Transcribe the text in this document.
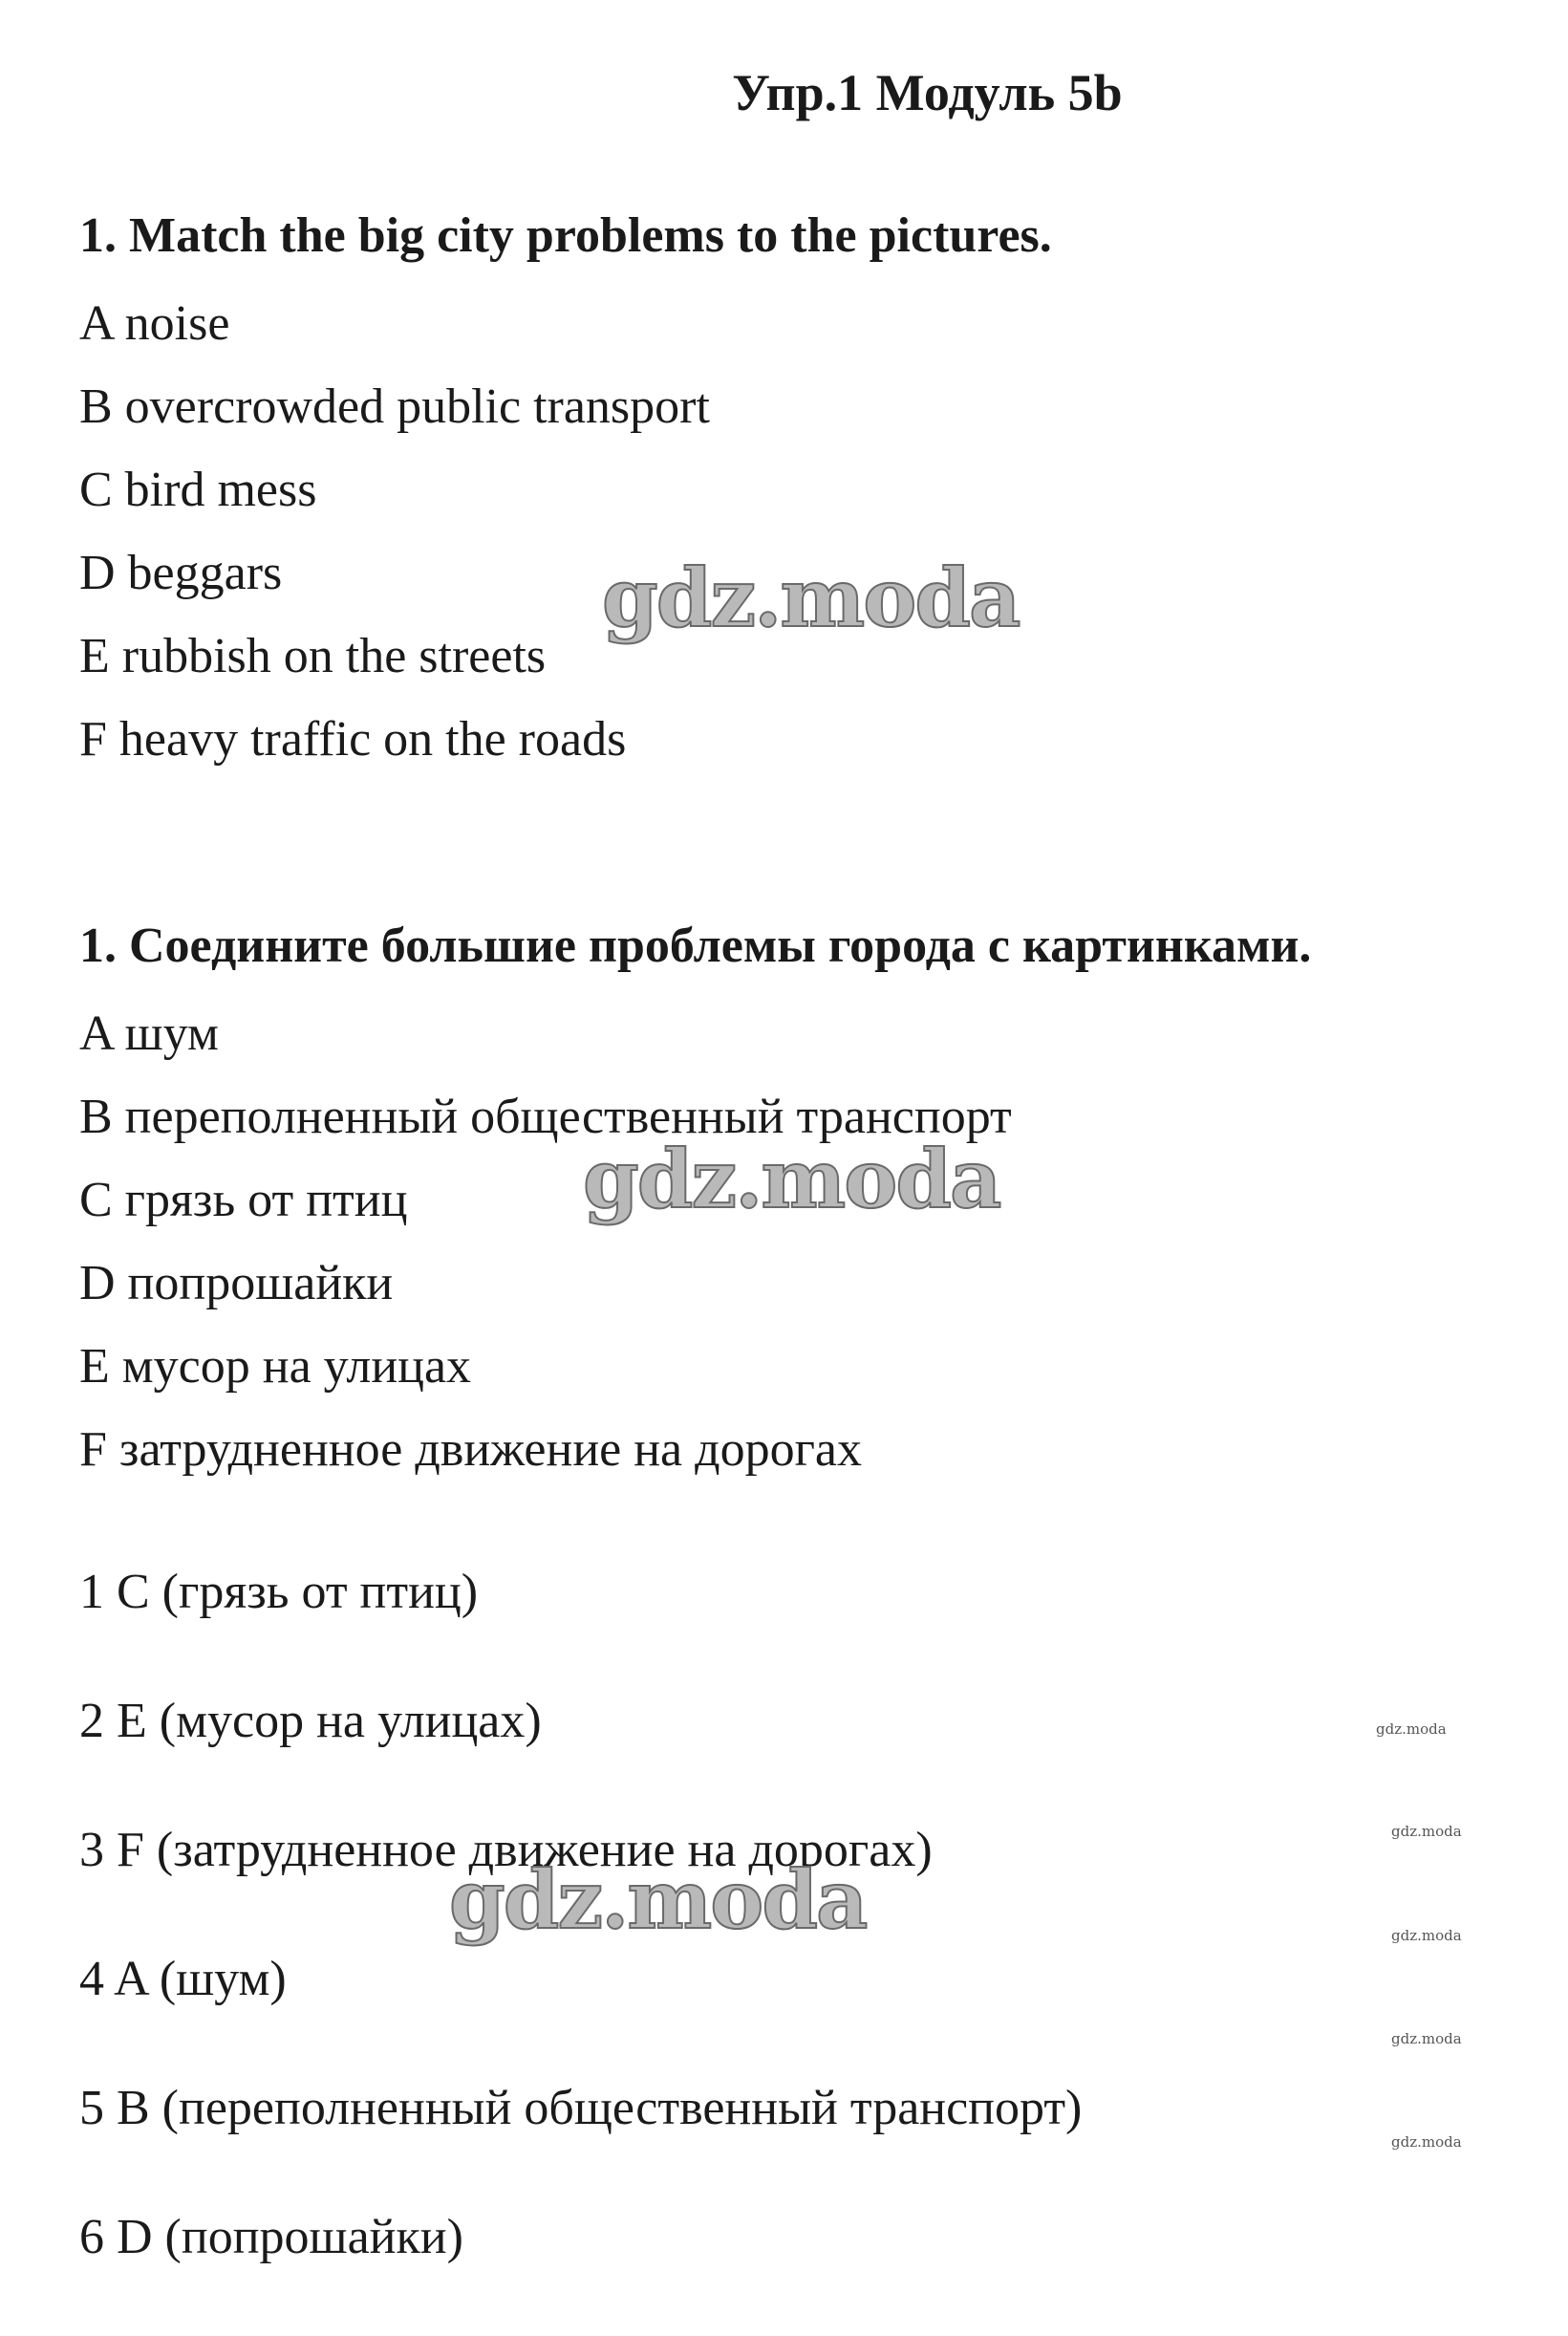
Упр.1 Модуль 5b
1. Match the big city problems to the pictures.
A noise
B overcrowded public transport
C bird mess
D beggars
E rubbish on the streets
F heavy traffic on the roads
1. Соедините большие проблемы города с картинками.
A шум
B переполненный общественный транспорт
C грязь от птиц
D попрошайки
E мусор на улицах
F затрудненное движение на дорогах
1 C (грязь от птиц)
2 E (мусор на улицах)
3 F (затрудненное движение на дорогах)
4 A (шум)
5 B (переполненный общественный транспорт)
6 D (попрошайки)
gdz.moda
gdz.moda
gdz.moda
gdz.moda
gdz.moda
gdz.moda
gdz.moda
gdz.moda
